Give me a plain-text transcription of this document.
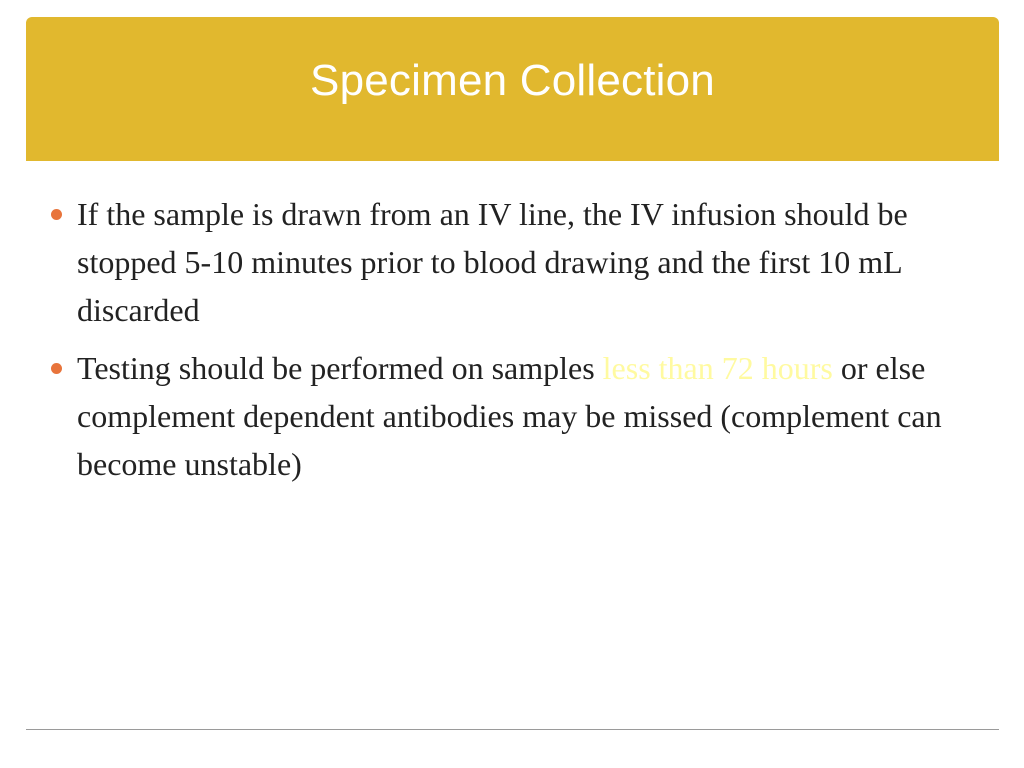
Specimen Collection
If the sample is drawn from an IV line, the IV infusion should be stopped 5-10 minutes prior to blood drawing and the first 10 mL discarded
Testing should be performed on samples less than 72 hours or else complement dependent antibodies may be missed (complement can become unstable)
